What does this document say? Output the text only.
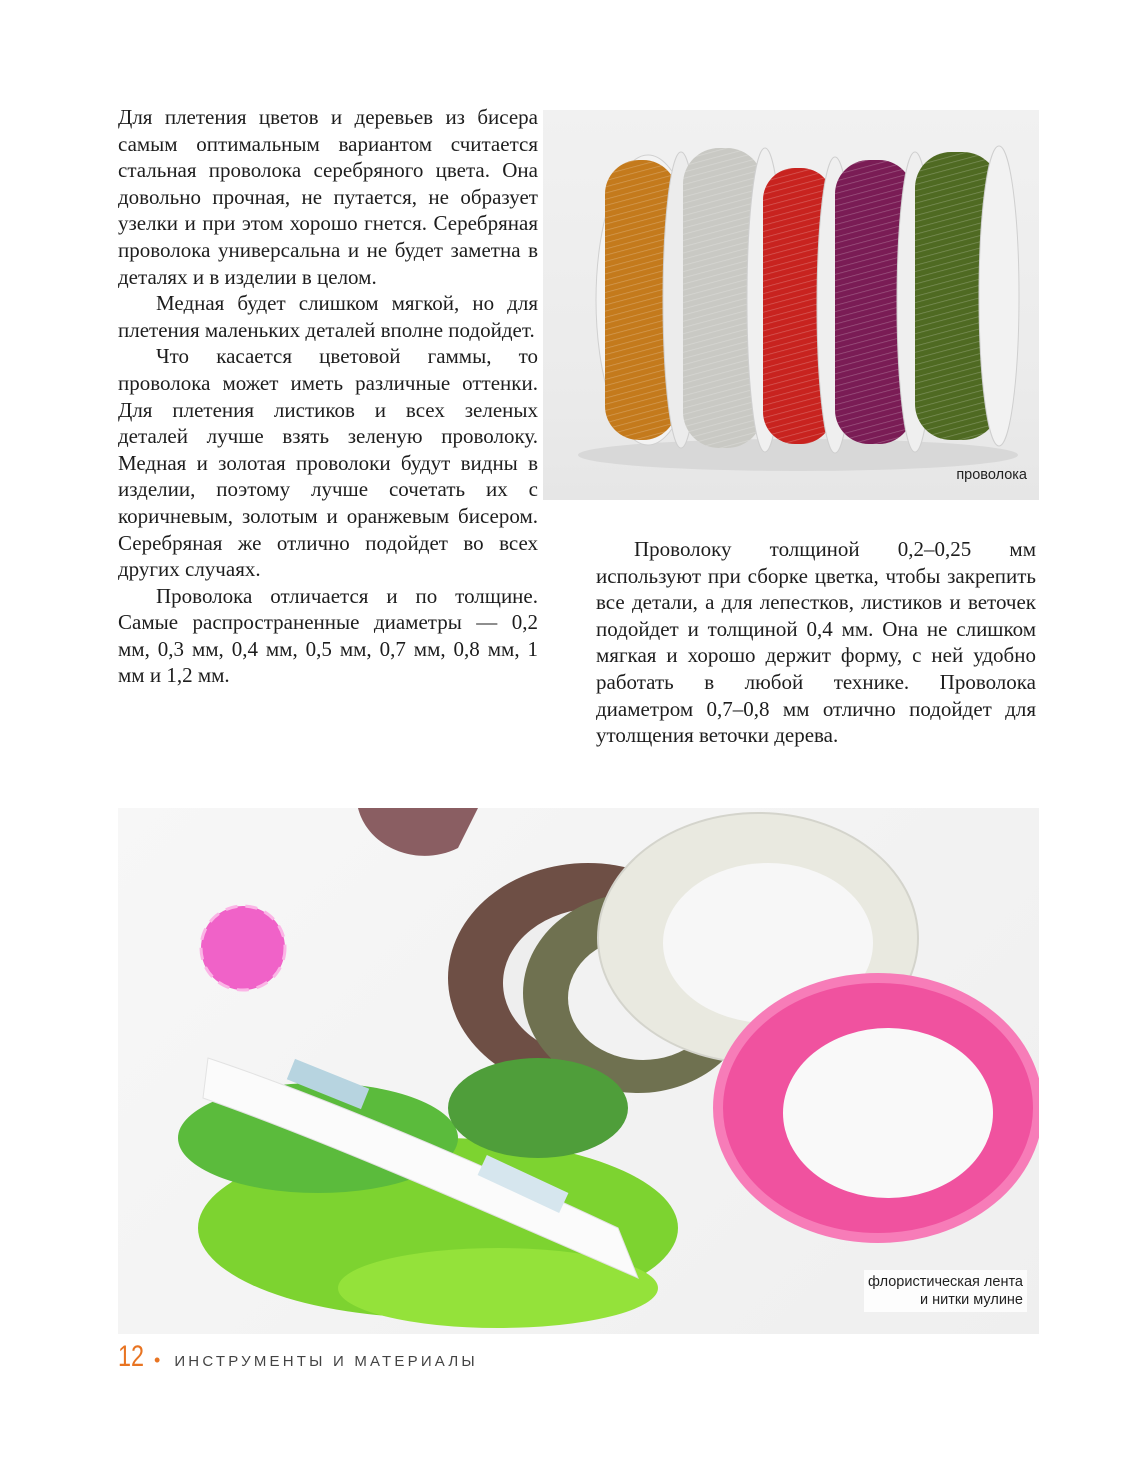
Для плетения цветов и деревьев из бисера самым оптимальным вариантом считается стальная проволока серебряного цвета. Она довольно прочная, не путается, не образует узелки и при этом хорошо гнется. Серебряная проволока универсальна и не будет заметна в деталях и в изделии в целом.

Медная будет слишком мягкой, но для плетения маленьких деталей вполне подойдет.

Что касается цветовой гаммы, то проволока может иметь различные оттенки. Для плетения листиков и всех зеленых деталей лучше взять зеленую проволоку. Медная и золотая проволоки будут видны в изделии, поэтому лучше сочетать их с коричневым, золотым и оранжевым бисером. Серебряная же отлично подойдет во всех других случаях.

Проволока отличается и по толщине. Самые распространенные диаметры — 0,2 мм, 0,3 мм, 0,4 мм, 0,5 мм, 0,7 мм, 0,8 мм, 1 мм и 1,2 мм.

проволока

Проволоку толщиной 0,2–0,25 мм используют при сборке цветка, чтобы закрепить все детали, а для лепестков, листиков и веточек подойдет и толщиной 0,4 мм. Она не слишком мягкая и хорошо держит форму, с ней удобно работать в любой технике. Проволока диаметром 0,7–0,8 мм отлично подойдет для утолщения веточки дерева.

флористическая лента
и нитки мулине
12 • ИНСТРУМЕНТЫ И МАТЕРИАЛЫ
